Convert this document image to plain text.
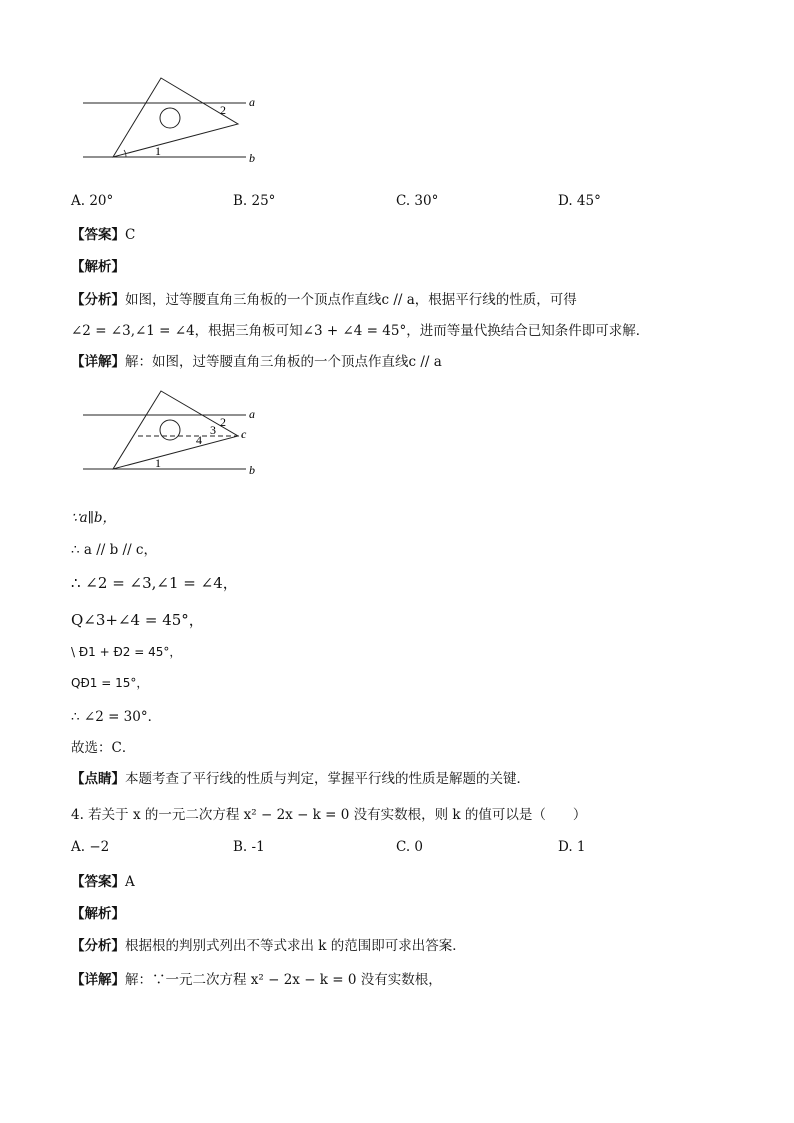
a
b
1
2
A. 20°	B. 25°	C. 30°	D. 45°
【答案】C
【解析】
【分析】如图，过等腰直角三角板的一个顶点作直线c // a，根据平行线的性质，可得
∠2 = ∠3,∠1 = ∠4，根据三角板可知∠3 + ∠4 = 45°，进而等量代换结合已知条件即可求解．
【详解】解：如图，过等腰直角三角板的一个顶点作直线c // a
a
b
c
1
2
3
4
∵a∥b，
∴ a // b // c，
∴ ∠2 = ∠3,∠1 = ∠4，
Q∠3+∠4 = 45°，
\ Ð1 + Ð2 = 45°，
QÐ1 = 15°，
∴ ∠2 = 30°．
故选：C．
【点睛】本题考查了平行线的性质与判定，掌握平行线的性质是解题的关键．
4. 若关于 x 的一元二次方程 x² − 2x − k = 0 没有实数根，则 k 的值可以是（　　）
A. −2	B. -1	C. 0	D. 1
【答案】A
【解析】
【分析】根据根的判别式列出不等式求出 k 的范围即可求出答案．
【详解】解：∵一元二次方程 x² − 2x − k = 0 没有实数根，
